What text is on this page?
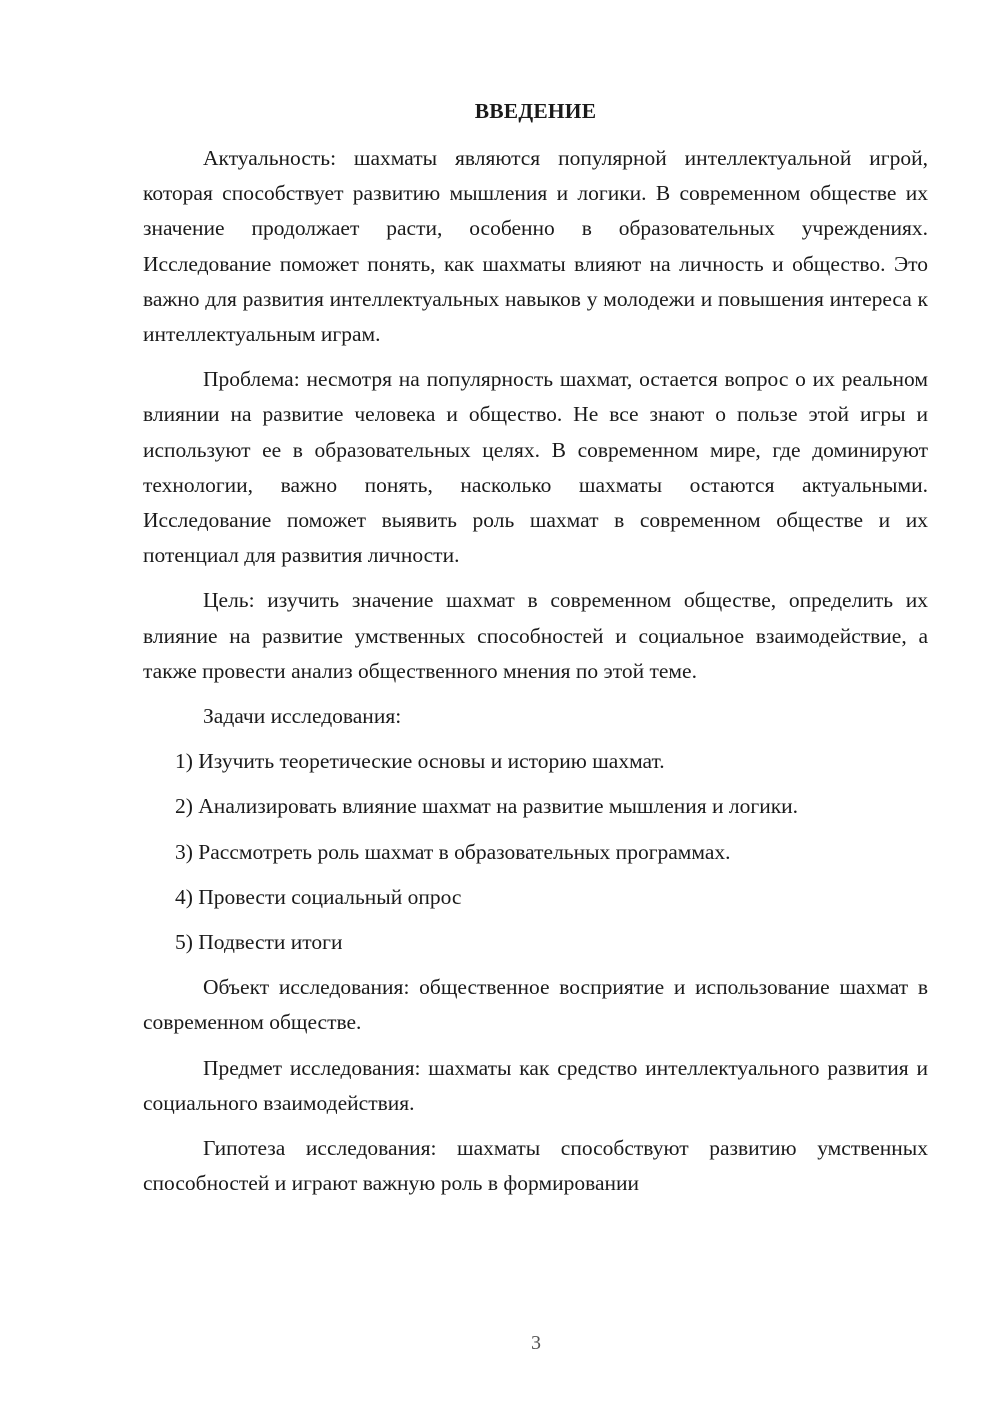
ВВЕДЕНИЕ

Актуальность: шахматы являются популярной интеллектуальной игрой, которая способствует развитию мышления и логики. В современном обществе их значение продолжает расти, особенно в образовательных учреждениях. Исследование поможет понять, как шахматы влияют на личность и общество. Это важно для развития интеллектуальных навыков у молодежи и повышения интереса к интеллектуальным играм.

Проблема: несмотря на популярность шахмат, остается вопрос о их реальном влиянии на развитие человека и общество. Не все знают о пользе этой игры и используют ее в образовательных целях. В современном мире, где доминируют технологии, важно понять, насколько шахматы остаются актуальными. Исследование поможет выявить роль шахмат в современном обществе и их потенциал для развития личности.

Цель: изучить значение шахмат в современном обществе, определить их влияние на развитие умственных способностей и социальное взаимодействие, а также провести анализ общественного мнения по этой теме.

Задачи исследования:

1) Изучить теоретические основы и историю шахмат.
2) Анализировать влияние шахмат на развитие мышления и логики.
3) Рассмотреть роль шахмат в образовательных программах.
4) Провести социальный опрос
5) Подвести итоги

Объект исследования: общественное восприятие и использование шахмат в современном обществе.

Предмет исследования: шахматы как средство интеллектуального развития и социального взаимодействия.

Гипотеза исследования: шахматы способствуют развитию умственных способностей и играют важную роль в формировании

3
